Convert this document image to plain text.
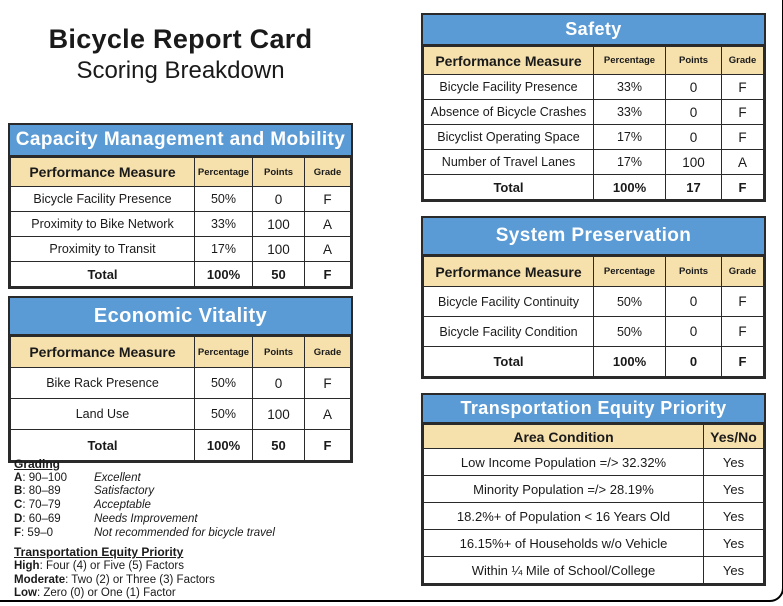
Bicycle Report Card
Scoring Breakdown
Capacity Management and Mobility
Performance Measure	Percentage	Points	Grade
Bicycle Facility Presence	50%	0	F
Proximity to Bike Network	33%	100	A
Proximity to Transit	17%	100	A
Total	100%	50	F
Economic Vitality
Performance Measure	Percentage	Points	Grade
Bike Rack Presence	50%	0	F
Land Use	50%	100	A
Total	100%	50	F
Safety
Performance Measure	Percentage	Points	Grade
Bicycle Facility Presence	33%	0	F
Absence of Bicycle Crashes	33%	0	F
Bicyclist Operating Space	17%	0	F
Number of Travel Lanes	17%	100	A
Total	100%	17	F
System Preservation
Performance Measure	Percentage	Points	Grade
Bicycle Facility Continuity	50%	0	F
Bicycle Facility Condition	50%	0	F
Total	100%	0	F
Transportation Equity Priority
Area Condition	Yes/No
Low Income Population =/> 32.32%	Yes
Minority Population =/> 28.19%	Yes
18.2%+ of Population < 16 Years Old	Yes
16.15%+ of Households w/o Vehicle	Yes
Within ¼ Mile of School/College	Yes
Grading
A: 90–100	Excellent
B: 80–89	Satisfactory
C: 70–79	Acceptable
D: 60–69	Needs Improvement
F: 59–0	Not recommended for bicycle travel
Transportation Equity Priority
High: Four (4) or Five (5) Factors
Moderate: Two (2) or Three (3) Factors
Low: Zero (0) or One (1) Factor
